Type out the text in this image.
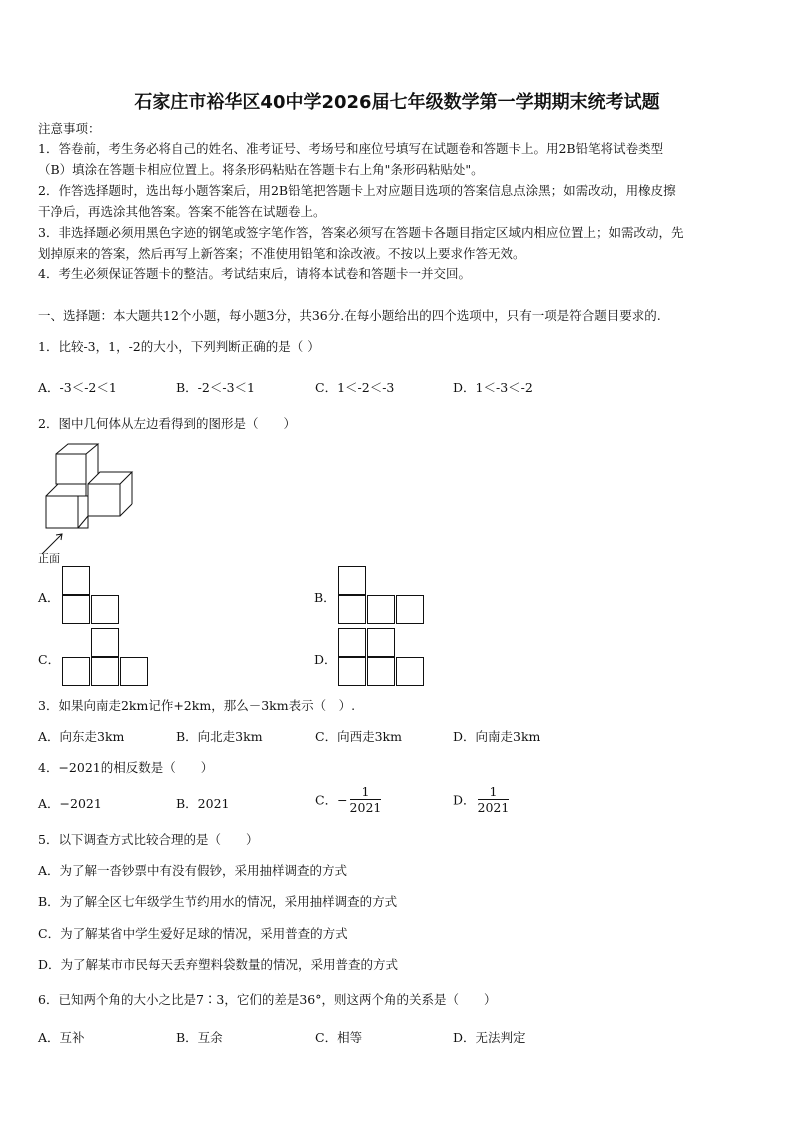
石家庄市裕华区40中学2026届七年级数学第一学期期末统考试题
注意事项：
1．答卷前，考生务必将自己的姓名、准考证号、考场号和座位号填写在试题卷和答题卡上。用2B铅笔将试卷类型
（B）填涂在答题卡相应位置上。将条形码粘贴在答题卡右上角"条形码粘贴处"。
2．作答选择题时，选出每小题答案后，用2B铅笔把答题卡上对应题目选项的答案信息点涂黑；如需改动，用橡皮擦
干净后，再选涂其他答案。答案不能答在试题卷上。
3．非选择题必须用黑色字迹的钢笔或签字笔作答，答案必须写在答题卡各题目指定区域内相应位置上；如需改动，先
划掉原来的答案，然后再写上新答案；不准使用铅笔和涂改液。不按以上要求作答无效。
4．考生必须保证答题卡的整洁。考试结束后，请将本试卷和答题卡一并交回。
一、选择题：本大题共12个小题，每小题3分，共36分.在每小题给出的四个选项中，只有一项是符合题目要求的.
1．比较-3，1，-2的大小，下列判断正确的是（ ）
A．-3＜-2＜1	B．-2＜-3＜1	C．1＜-2＜-3	D．1＜-3＜-2
2．图中几何体从左边看得到的图形是（　　）
正面
A．	B．
C．	D．
3．如果向南走2km记作+2km，那么－3km表示（　）.
A．向东走3km	B．向北走3km	C．向西走3km	D．向南走3km
4．−2021的相反数是（　　）
A．−2021	B．2021	C．− $\frac{1}{2021}$	D． $\frac{1}{2021}$
5．以下调查方式比较合理的是（　　）
A．为了解一沓钞票中有没有假钞，采用抽样调查的方式
B．为了解全区七年级学生节约用水的情况，采用抽样调查的方式
C．为了解某省中学生爱好足球的情况，采用普查的方式
D．为了解某市市民每天丢弃塑料袋数量的情况，采用普查的方式
6．已知两个角的大小之比是7∶3，它们的差是36°，则这两个角的关系是（　　）
A．互补	B．互余	C．相等	D．无法判定
